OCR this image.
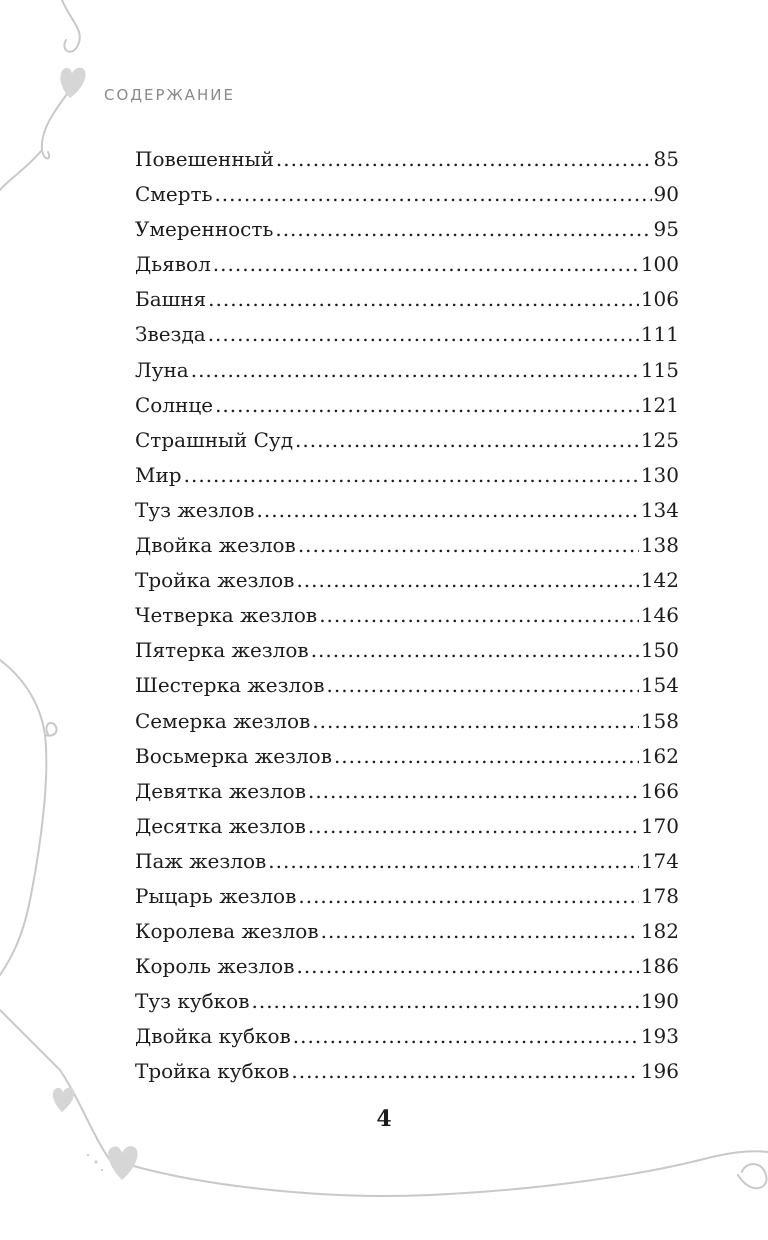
СОДЕРЖАНИЕ
Повешенный .....	85
Смерть .....	90
Умеренность .....	95
Дьявол .....	100
Башня .....	106
Звезда .....	111
Луна .....	115
Солнце .....	121
Страшный Суд .....	125
Мир .....	130
Туз жезлов .....	134
Двойка жезлов .....	138
Тройка жезлов .....	142
Четверка жезлов .....	146
Пятерка жезлов .....	150
Шестерка жезлов .....	154
Семерка жезлов .....	158
Восьмерка жезлов .....	162
Девятка жезлов .....	166
Десятка жезлов .....	170
Паж жезлов .....	174
Рыцарь жезлов .....	178
Королева жезлов .....	182
Король жезлов .....	186
Туз кубков .....	190
Двойка кубков .....	193
Тройка кубков .....	196
4
